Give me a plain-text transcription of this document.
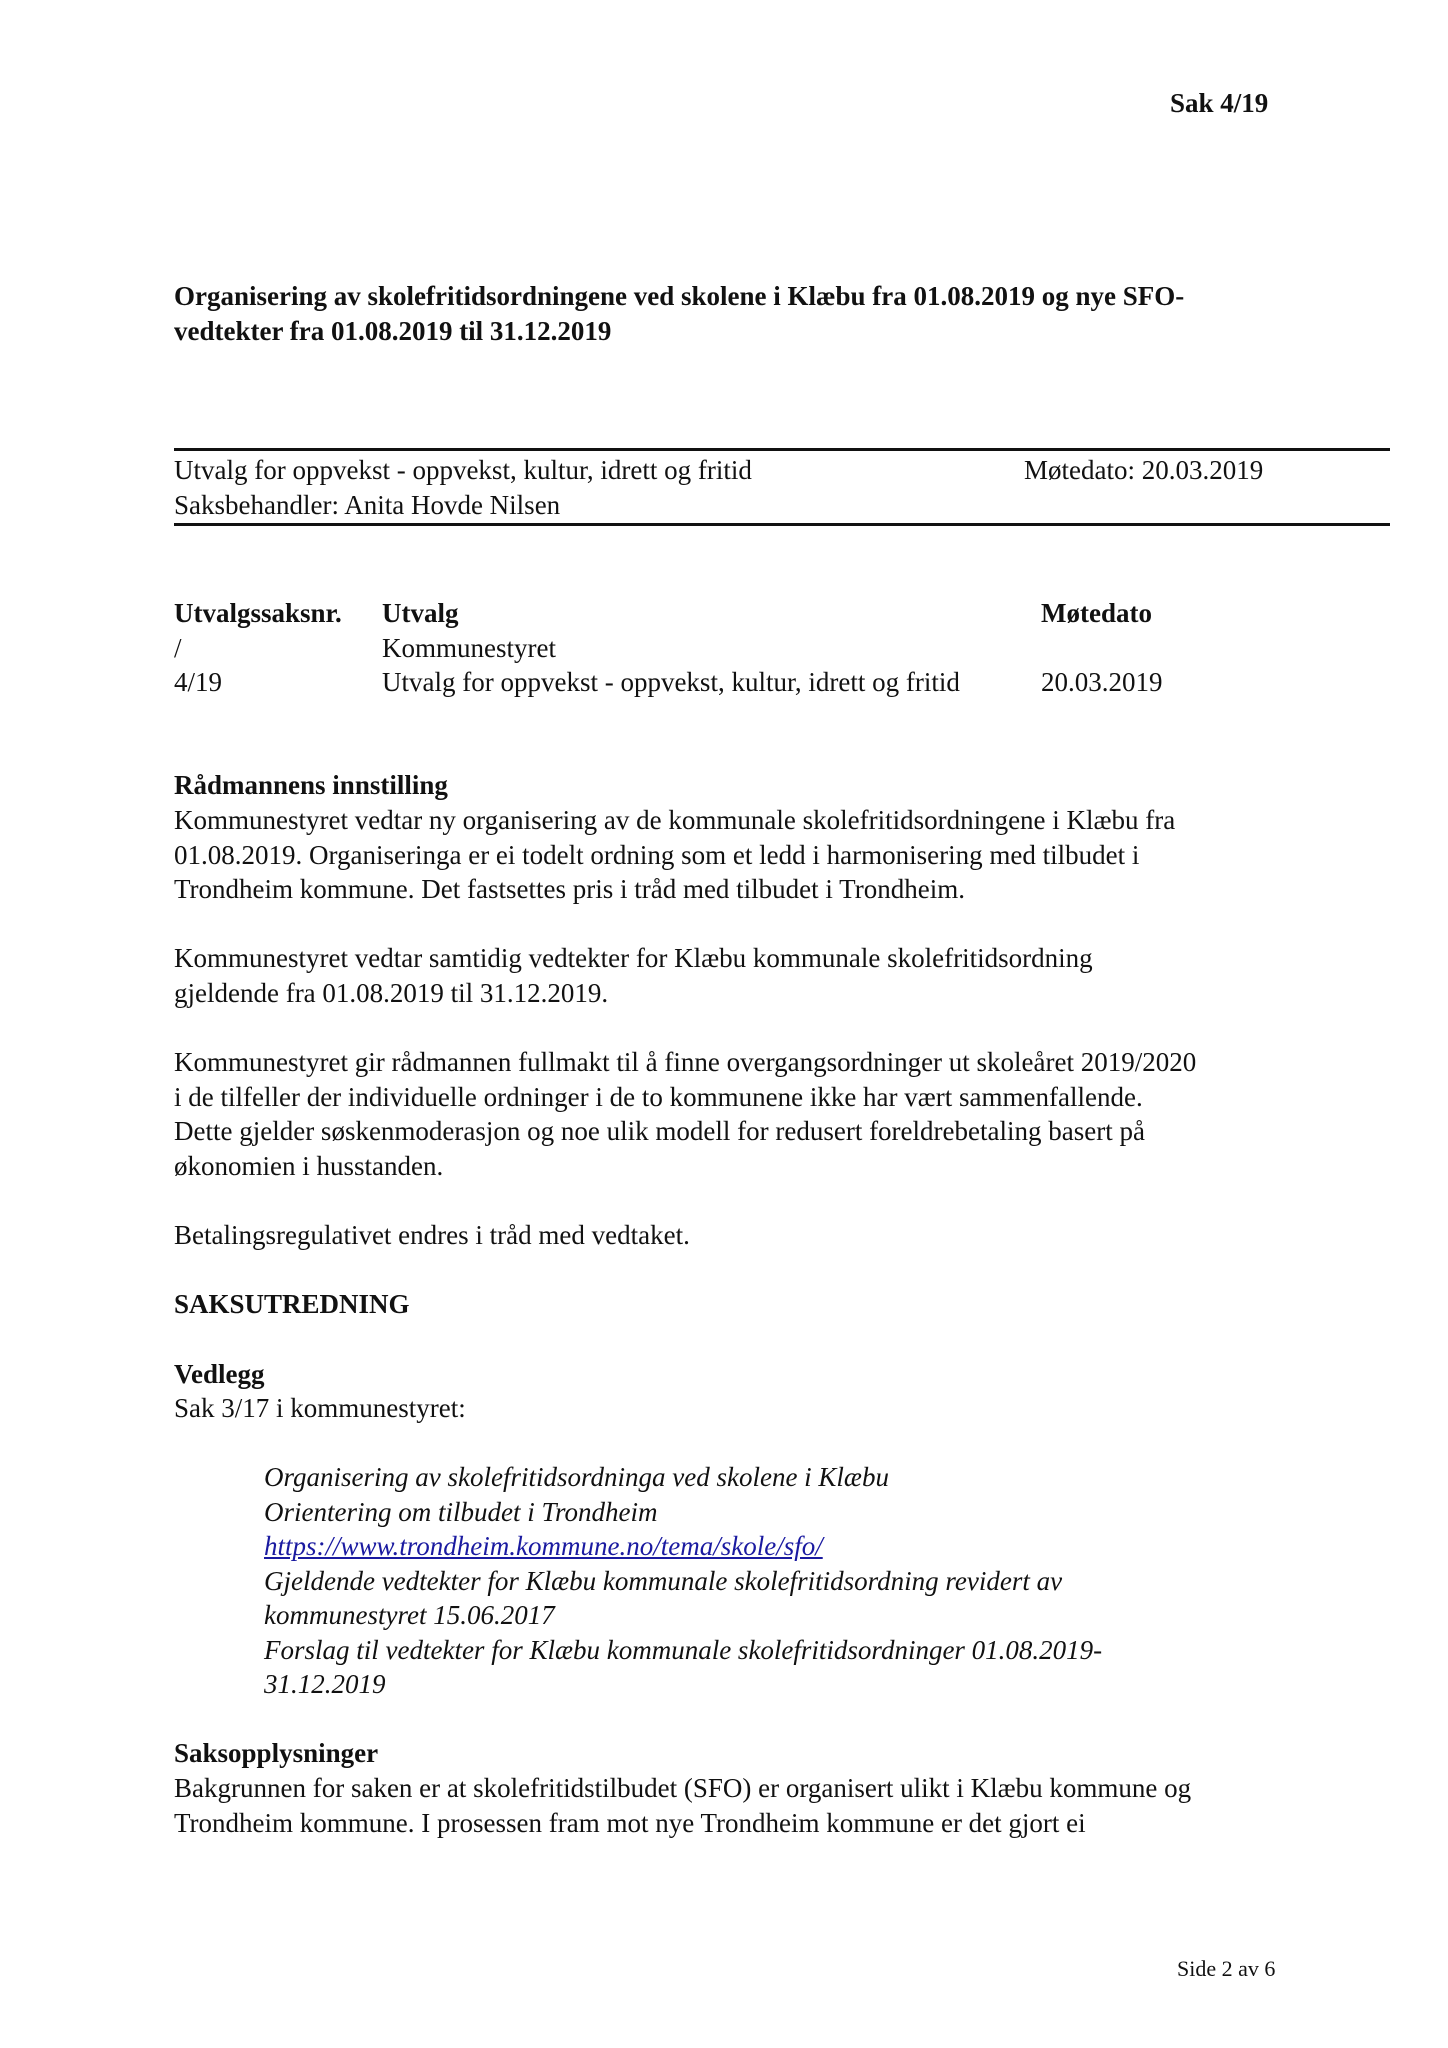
Sak 4/19
Organisering av skolefritidsordningene ved skolene i Klæbu fra 01.08.2019 og nye SFO-
vedtekter fra 01.08.2019 til 31.12.2019
Utvalg for oppvekst - oppvekst, kultur, idrett og fritid	Møtedato: 20.03.2019
Saksbehandler: Anita Hovde Nilsen
Utvalgssaksnr. Utvalg	Møtedato
/	Kommunestyret
4/19	Utvalg for oppvekst - oppvekst, kultur, idrett og fritid	20.03.2019
Rådmannens innstilling
Kommunestyret vedtar ny organisering av de kommunale skolefritidsordningene i Klæbu fra
01.08.2019. Organiseringa er ei todelt ordning som et ledd i harmonisering med tilbudet i
Trondheim kommune. Det fastsettes pris i tråd med tilbudet i Trondheim.
Kommunestyret vedtar samtidig vedtekter for Klæbu kommunale skolefritidsordning
gjeldende fra 01.08.2019 til 31.12.2019.
Kommunestyret gir rådmannen fullmakt til å finne overgangsordninger ut skoleåret 2019/2020
i de tilfeller der individuelle ordninger i de to kommunene ikke har vært sammenfallende.
Dette gjelder søskenmoderasjon og noe ulik modell for redusert foreldrebetaling basert på
økonomien i husstanden.
Betalingsregulativet endres i tråd med vedtaket.
SAKSUTREDNING
Vedlegg
Sak 3/17 i kommunestyret:
Organisering av skolefritidsordninga ved skolene i Klæbu
Orientering om tilbudet i Trondheim
https://www.trondheim.kommune.no/tema/skole/sfo/
Gjeldende vedtekter for Klæbu kommunale skolefritidsordning revidert av
kommunestyret 15.06.2017
Forslag til vedtekter for Klæbu kommunale skolefritidsordninger 01.08.2019-
31.12.2019
Saksopplysninger
Bakgrunnen for saken er at skolefritidstilbudet (SFO) er organisert ulikt i Klæbu kommune og
Trondheim kommune. I prosessen fram mot nye Trondheim kommune er det gjort ei
Side 2 av 6
